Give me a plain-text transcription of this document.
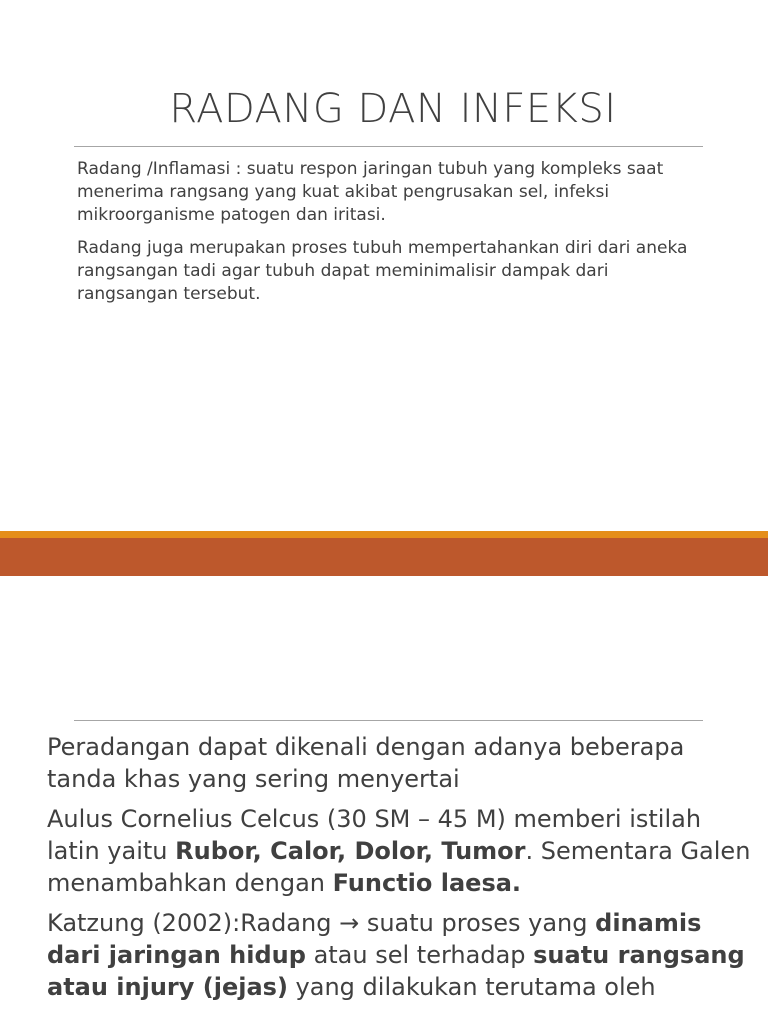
RADANG DAN INFEKSI

Radang /Inflamasi : suatu respon jaringan tubuh yang kompleks saat menerima rangsang yang kuat akibat pengrusakan sel, infeksi mikroorganisme patogen dan iritasi.

Radang juga merupakan proses tubuh mempertahankan diri dari aneka rangsangan tadi agar tubuh dapat meminimalisir dampak dari rangsangan tersebut.

Peradangan dapat dikenali dengan adanya beberapa tanda khas yang sering menyertai

Aulus Cornelius Celcus (30 SM – 45 M) memberi istilah latin yaitu Rubor, Calor, Dolor, Tumor. Sementara Galen menambahkan dengan Functio laesa.

Katzung (2002):Radang → suatu proses yang dinamis dari jaringan hidup atau sel terhadap suatu rangsang atau injury (jejas) yang dilakukan terutama oleh
